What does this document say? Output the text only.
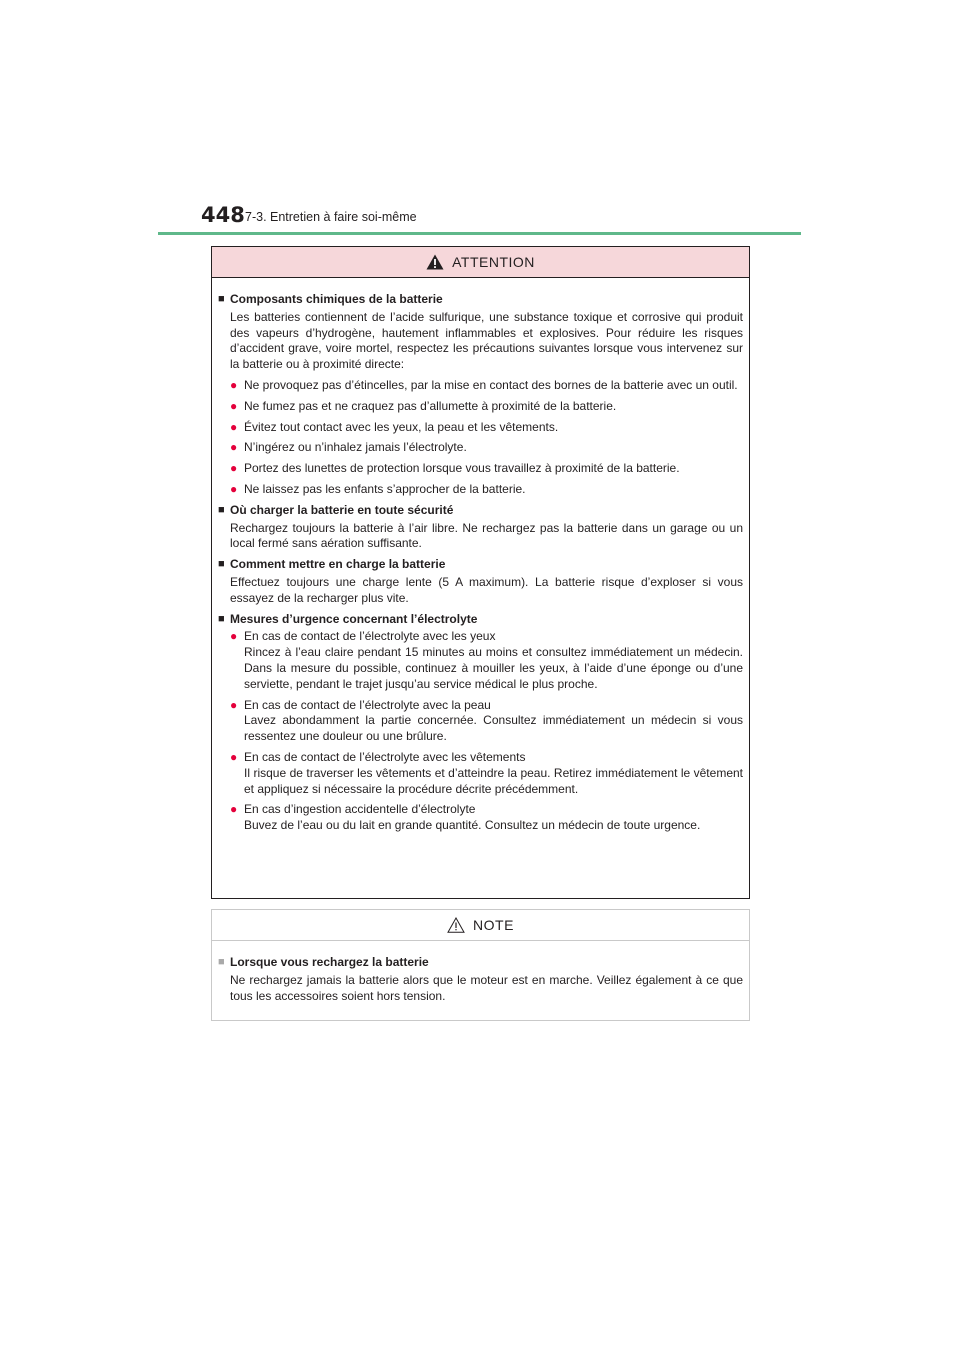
448 7-3. Entretien à faire soi-même
ATTENTION
■ Composants chimiques de la batterie
Les batteries contiennent de l’acide sulfurique, une substance toxique et corrosive qui produit des vapeurs d’hydrogène, hautement inflammables et explosives. Pour réduire les risques d’accident grave, voire mortel, respectez les précautions suivantes lorsque vous intervenez sur la batterie ou à proximité directe:
● Ne provoquez pas d’étincelles, par la mise en contact des bornes de la batterie avec un outil.
● Ne fumez pas et ne craquez pas d’allumette à proximité de la batterie.
● Évitez tout contact avec les yeux, la peau et les vêtements.
● N’ingérez ou n’inhalez jamais l’électrolyte.
● Portez des lunettes de protection lorsque vous travaillez à proximité de la batterie.
● Ne laissez pas les enfants s’approcher de la batterie.
■ Où charger la batterie en toute sécurité
Rechargez toujours la batterie à l’air libre. Ne rechargez pas la batterie dans un garage ou un local fermé sans aération suffisante.
■ Comment mettre en charge la batterie
Effectuez toujours une charge lente (5 A maximum). La batterie risque d’exploser si vous essayez de la recharger plus vite.
■ Mesures d’urgence concernant l’électrolyte
● En cas de contact de l’électrolyte avec les yeux
Rincez à l’eau claire pendant 15 minutes au moins et consultez immédiatement un médecin. Dans la mesure du possible, continuez à mouiller les yeux, à l’aide d’une éponge ou d’une serviette, pendant le trajet jusqu’au service médical le plus proche.
● En cas de contact de l’électrolyte avec la peau
Lavez abondamment la partie concernée. Consultez immédiatement un médecin si vous ressentez une douleur ou une brûlure.
● En cas de contact de l’électrolyte avec les vêtements
Il risque de traverser les vêtements et d’atteindre la peau. Retirez immédiatement le vêtement et appliquez si nécessaire la procédure décrite précédemment.
● En cas d’ingestion accidentelle d’électrolyte
Buvez de l’eau ou du lait en grande quantité. Consultez un médecin de toute urgence.
NOTE
■ Lorsque vous rechargez la batterie
Ne rechargez jamais la batterie alors que le moteur est en marche. Veillez également à ce que tous les accessoires soient hors tension.
